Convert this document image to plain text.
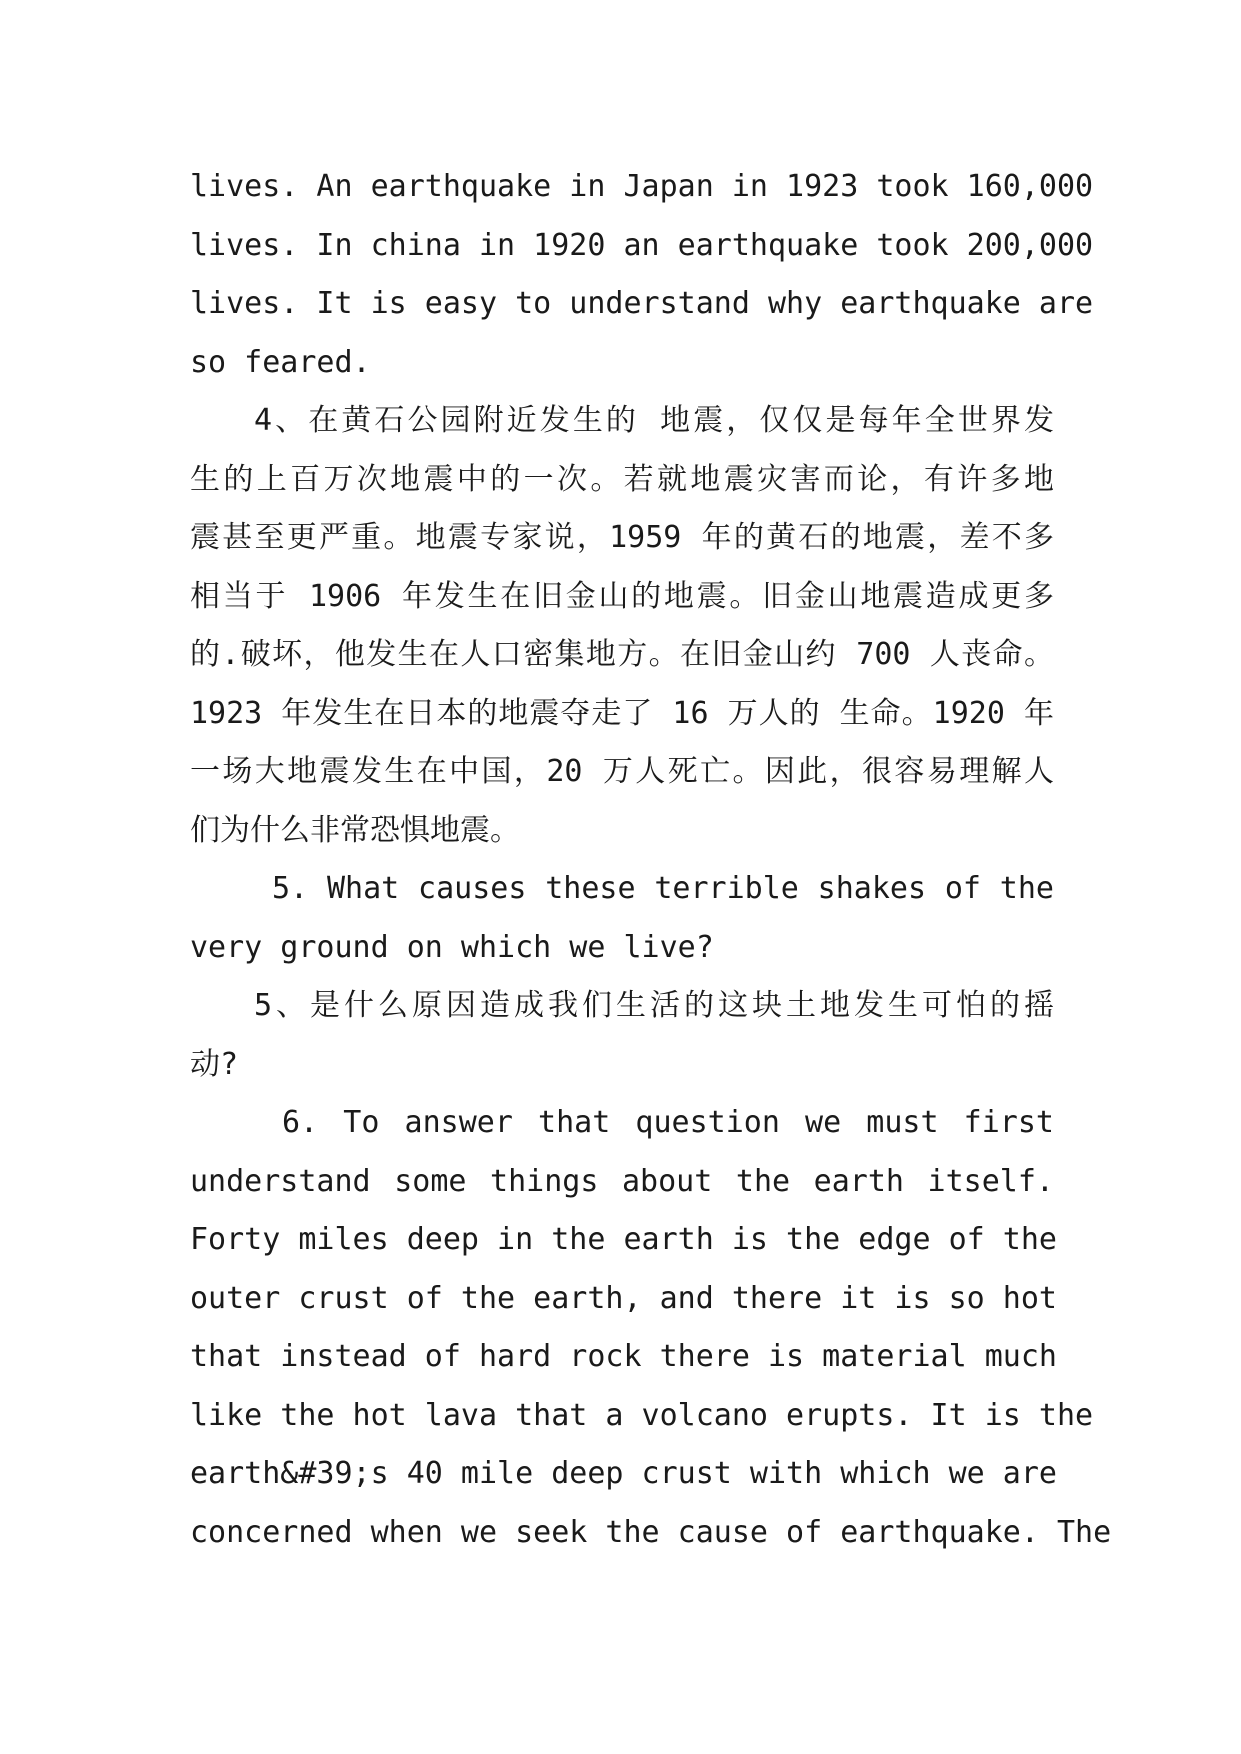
lives. An earthquake in Japan in 1923 took 160,000
lives. In china in 1920 an earthquake took 200,000
lives. It is easy to understand why earthquake are
so feared.
4、在黄石公园附近发生的 地震，仅仅是每年全世界发
生的上百万次地震中的一次。若就地震灾害而论，有许多地
震甚至更严重。地震专家说，1959 年的黄石的地震，差不多
相当于 1906 年发生在旧金山的地震。旧金山地震造成更多
的.破坏，他发生在人口密集地方。在旧金山约 700 人丧命。
1923 年发生在日本的地震夺走了 16 万人的 生命。1920 年
一场大地震发生在中国，20 万人死亡。因此，很容易理解人
们为什么非常恐惧地震。
5. What causes these terrible shakes of the
very ground on which we live?
5、是什么原因造成我们生活的这块土地发生可怕的摇
动?
6. To answer that question we must first
understand some things about the earth itself.
Forty miles deep in the earth is the edge of the
outer crust of the earth, and there it is so hot
that instead of hard rock there is material much
like the hot lava that a volcano erupts. It is the
earth&#39;s 40 mile deep crust with which we are
concerned when we seek the cause of earthquake. The
